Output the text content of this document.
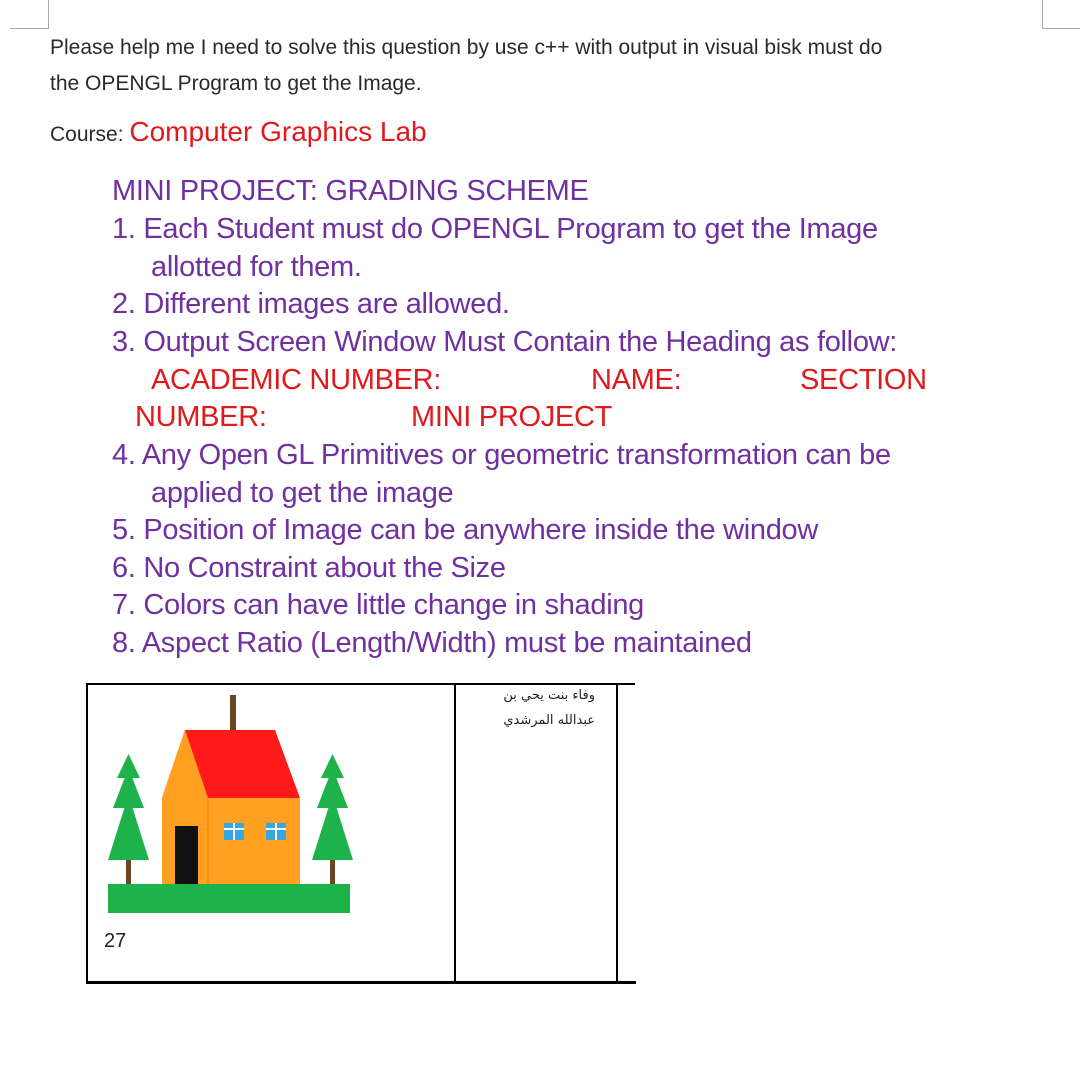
Please help me I need to solve this question by use c++ with output in visual bisk must do
the OPENGL Program to get the Image.
Course: Computer Graphics Lab
MINI PROJECT: GRADING SCHEME
1. Each Student must do OPENGL Program to get the Image
allotted for them.
2. Different images are allowed.
3. Output Screen Window Must Contain the Heading as follow:
ACADEMIC NUMBER:	NAME:	SECTION
NUMBER:	MINI PROJECT
4. Any Open GL Primitives or geometric transformation can be
applied to get the image
5. Position of Image can be anywhere inside the window
6. No Constraint about the Size
7. Colors can have little change in shading
8. Aspect Ratio (Length/Width) must be maintained
27
وفاء بنت يحي بن
عبدالله المرشدي
